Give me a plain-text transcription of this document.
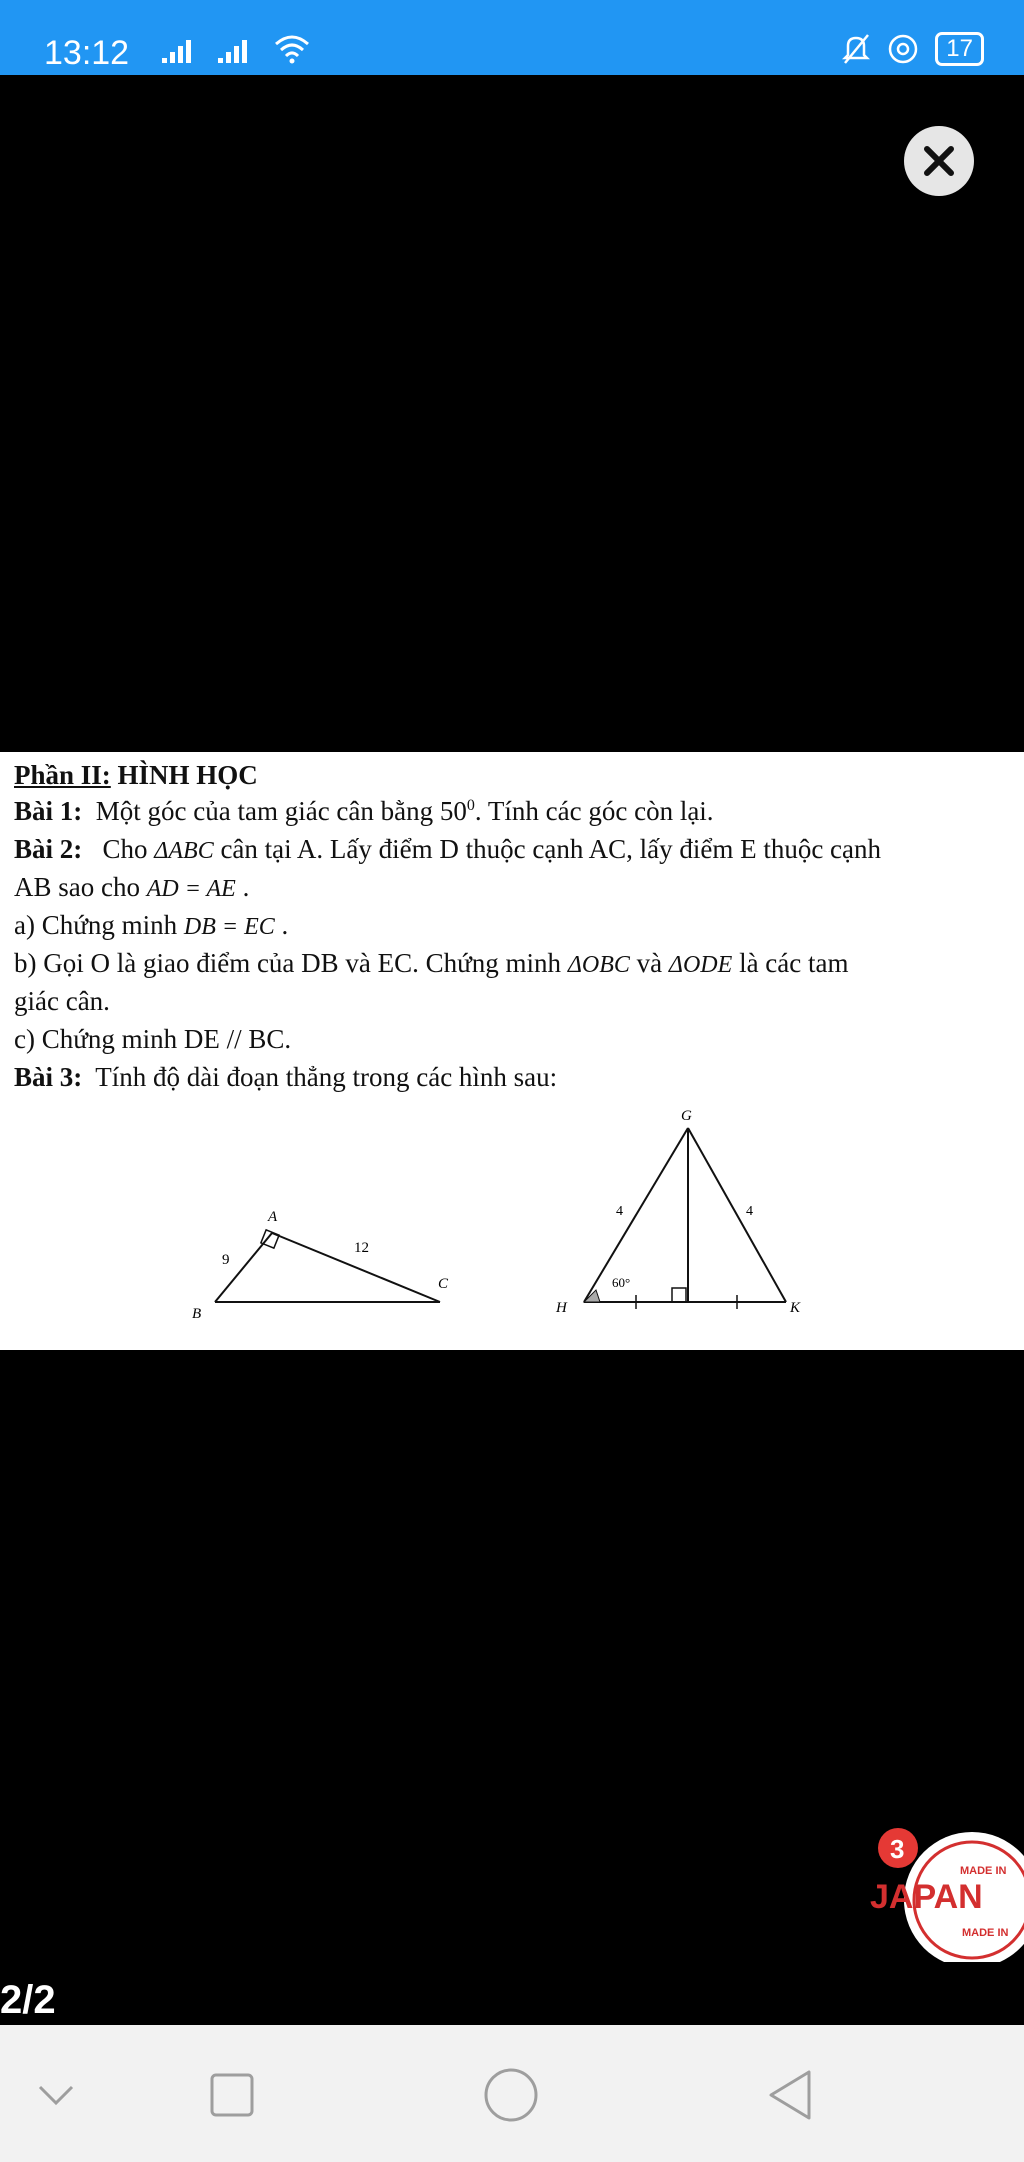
13:12	17

Phần II: HÌNH HỌC

Bài 1: Một góc của tam giác cân bằng $50^0$. Tính các góc còn lại.

Bài 2: Cho ΔABC cân tại A. Lấy điểm D thuộc cạnh AC, lấy điểm E thuộc cạnh

AB sao cho AD = AE .

a) Chứng minh DB = EC .

b) Gọi O là giao điểm của DB và EC. Chứng minh ΔOBC và ΔODE là các tam

giác cân.

c) Chứng minh DE // BC.

Bài 3: Tính độ dài đoạn thẳng trong các hình sau:

A
B
C
9
12
G
H	K
4	4
60°
MADE IN
JAPAN
MADE IN
3
2/2
